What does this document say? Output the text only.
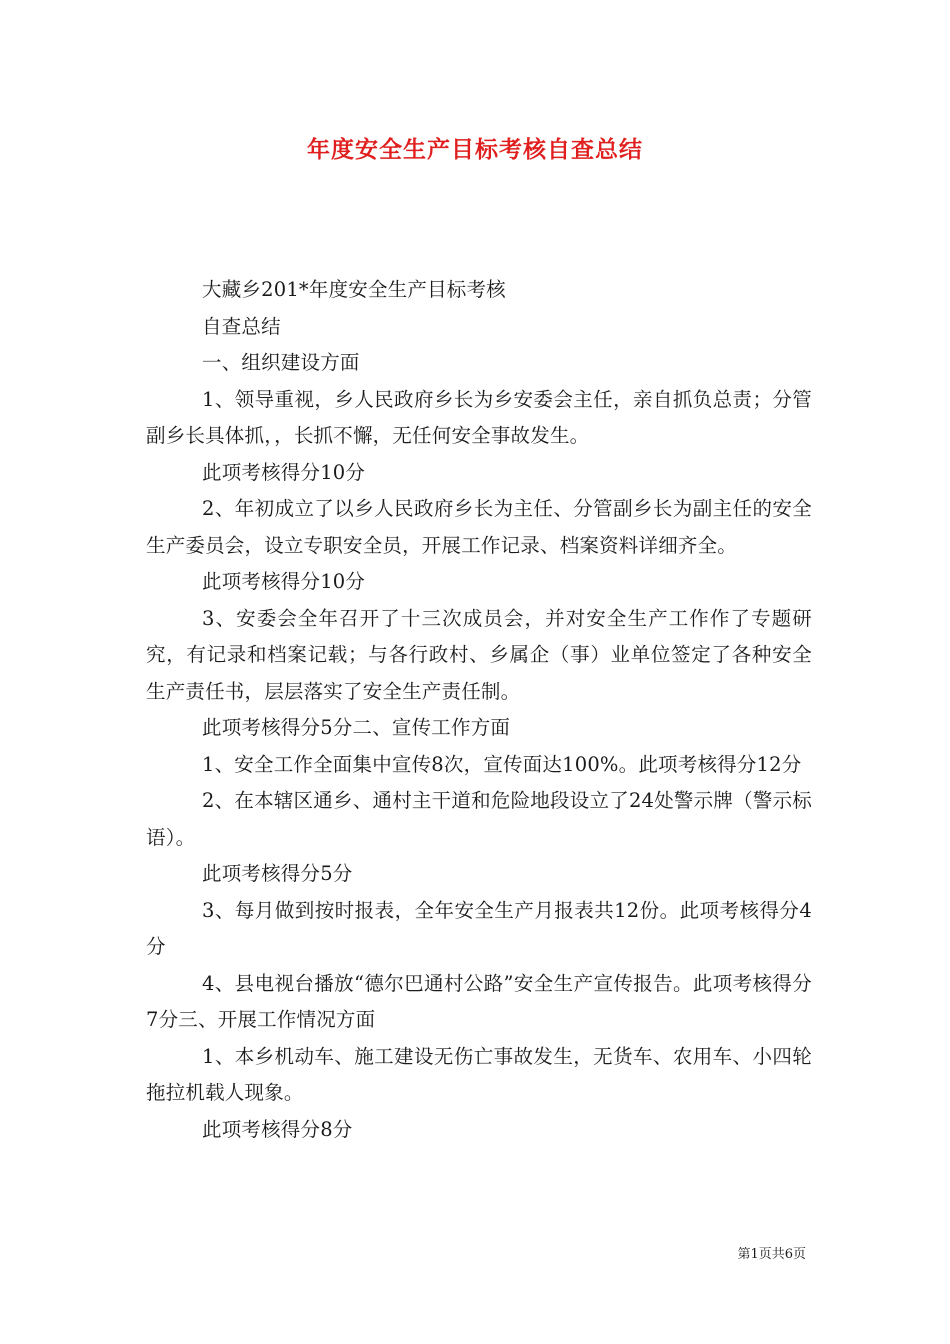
年度安全生产目标考核自查总结

大藏乡201*年度安全生产目标考核

自查总结

一、组织建设方面

1、领导重视，乡人民政府乡长为乡安委会主任，亲自抓负总责；分管副乡长具体抓，，长抓不懈，无任何安全事故发生。

此项考核得分10分

2、年初成立了以乡人民政府乡长为主任、分管副乡长为副主任的安全生产委员会，设立专职安全员，开展工作记录、档案资料详细齐全。

此项考核得分10分

3、安委会全年召开了十三次成员会，并对安全生产工作作了专题研究，有记录和档案记载；与各行政村、乡属企（事）业单位签定了各种安全生产责任书，层层落实了安全生产责任制。

此项考核得分5分二、宣传工作方面

1、安全工作全面集中宣传8次，宣传面达100%。此项考核得分12分

2、在本辖区通乡、通村主干道和危险地段设立了24处警示牌（警示标语）。

此项考核得分5分

3、每月做到按时报表，全年安全生产月报表共12份。此项考核得分4分

4、县电视台播放“德尔巴通村公路”安全生产宣传报告。此项考核得分7分三、开展工作情况方面

1、本乡机动车、施工建设无伤亡事故发生，无货车、农用车、小四轮拖拉机载人现象。

此项考核得分8分

第1页共6页
